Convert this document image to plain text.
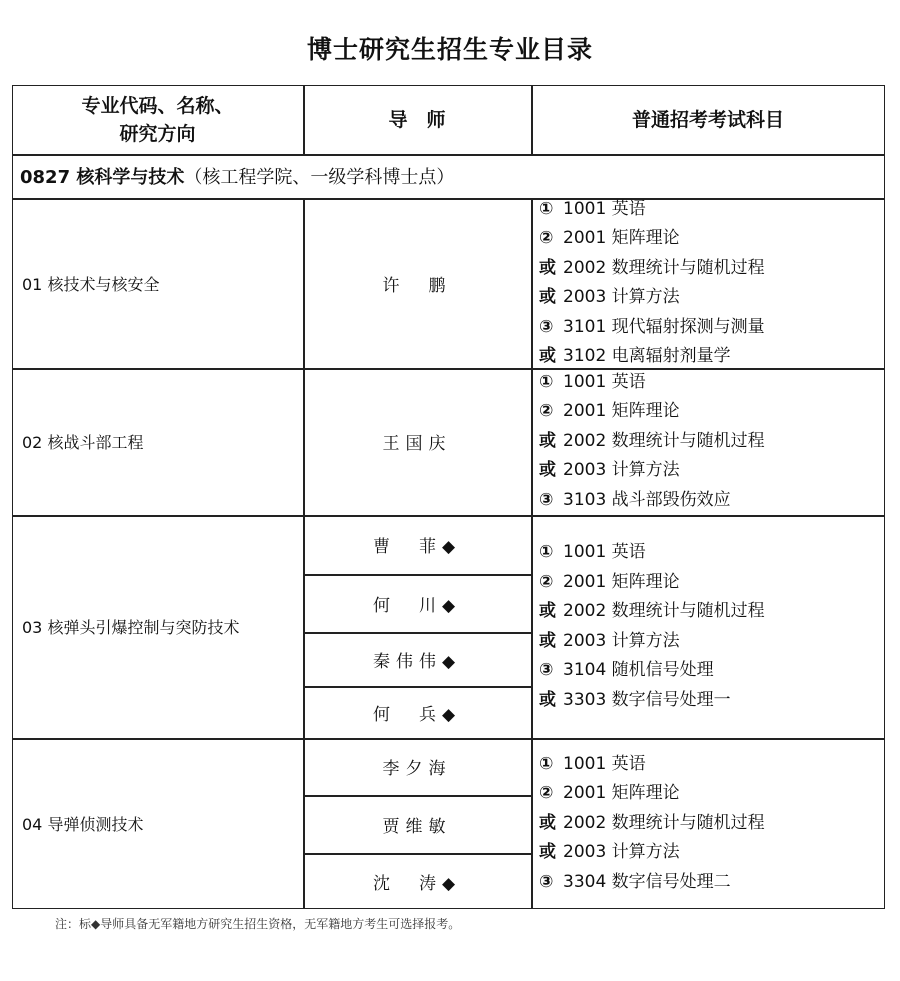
博士研究生招生专业目录
专业代码、名称、
研究方向
导　师	普通招考考试科目
0827 核科学与技术 （核工程学院、一级学科博士点）
01 核技术与核安全	许　鹏
① 1001 英语
② 2001 矩阵理论
或 2002 数理统计与随机过程
或 2003 计算方法
③ 3101 现代辐射探测与测量
或 3102 电离辐射剂量学
02 核战斗部工程	王国庆
① 1001 英语
② 2001 矩阵理论
或 2002 数理统计与随机过程
或 2003 计算方法
③ 3103 战斗部毁伤效应
03 核弹头引爆控制与突防技术
曹　菲◆
何　川◆
秦伟伟◆
何　兵◆
① 1001 英语
② 2001 矩阵理论
或 2002 数理统计与随机过程
或 2003 计算方法
③ 3104 随机信号处理
或 3303 数字信号处理一
04 导弹侦测技术
李夕海
贾维敏
沈　涛◆
① 1001 英语
② 2001 矩阵理论
或 2002 数理统计与随机过程
或 2003 计算方法
③ 3304 数字信号处理二
注：标◆导师具备无军籍地方研究生招生资格，无军籍地方考生可选择报考。
